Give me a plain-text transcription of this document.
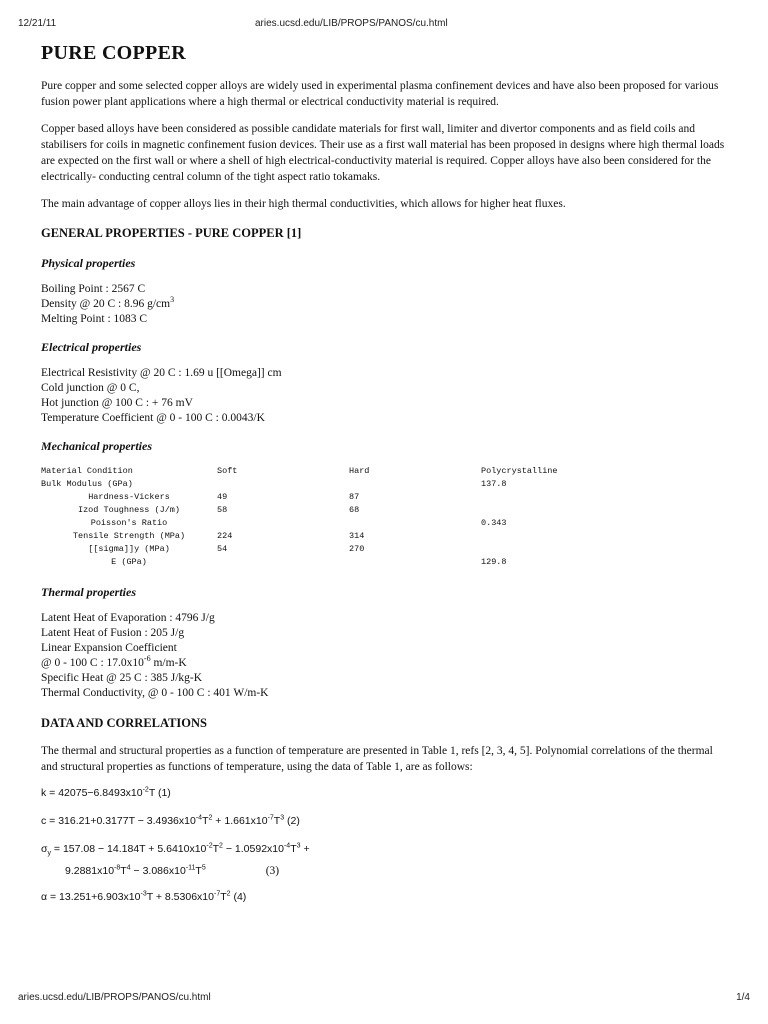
12/21/11	aries.ucsd.edu/LIB/PROPS/PANOS/cu.html
PURE COPPER

Pure copper and some selected copper alloys are widely used in experimental plasma confinement devices and have also been proposed for various fusion power plant applications where a high thermal or electrical conductivity material is required.

Copper based alloys have been considered as possible candidate materials for first wall, limiter and divertor components and as field coils and stabilisers for coils in magnetic confinement fusion devices. Their use as a first wall material has been proposed in designs where high thermal loads are expected on the first wall or where a shell of high electrical-conductivity material is required. Copper alloys have also been considered for the electrically- conducting central column of the tight aspect ratio tokamaks.

The main advantage of copper alloys lies in their high thermal conductivities, which allows for higher heat fluxes.

GENERAL PROPERTIES - PURE COPPER [1]
Physical properties
Boiling Point : 2567 C
Density @ 20 C : 8.96 $g/cm^3$
Melting Point : 1083 C
Electrical properties
Electrical Resistivity @ 20 C : 1.69 u [[Omega]] cm
Cold junction @ 0 C,
Hot junction @ 100 C : + 76 mV
Temperature Coefficient @ 0 - 100 C : 0.0043/K
Mechanical properties
Material Condition	Soft	Hard	Polycrystalline
Bulk Modulus (GPa)			137.8
Hardness-Vickers	49	87	
Izod Toughness (J/m)	58	68	
Poisson's Ratio			0.343
Tensile Strength (MPa)	224	314	
[[sigma]]y (MPa)	54	270	
E (GPa)			129.8
Thermal properties
Latent Heat of Evaporation : 4796 J/g
Latent Heat of Fusion : 205 J/g
Linear Expansion Coefficient
@ 0 - 100 C : $17.0x10^{-6}$ m/m-K
Specific Heat @ 25 C : 385 J/kg-K
Thermal Conductivity, @ 0 - 100 C : 401 W/m-K
DATA AND CORRELATIONS

The thermal and structural properties as a function of temperature are presented in Table 1, refs [2, 3, 4, 5]. Polynomial correlations of the thermal and structural properties as functions of temperature, using the data of Table 1, are as follows:

$k = 42075-6.8493x10^{-2}T$ (1)
$c = 316.21+0.3177T - 3.4936x10^{-4}T^2 + 1.661x10^{-7}T^3$ (2)
$\sigma_y = 157.08 - 14.184T + 5.6410x10^{-2}T^2 - 1.0592x10^{-4}T^3$ +
$9.2881x10^{-8}T^4 - 3.086x10^{-11}T^5$	(3)
$\alpha = 13.251+6.903x10^{-3}T + 8.5306x10^{-7}T^2$ (4)
aries.ucsd.edu/LIB/PROPS/PANOS/cu.html	1/4
